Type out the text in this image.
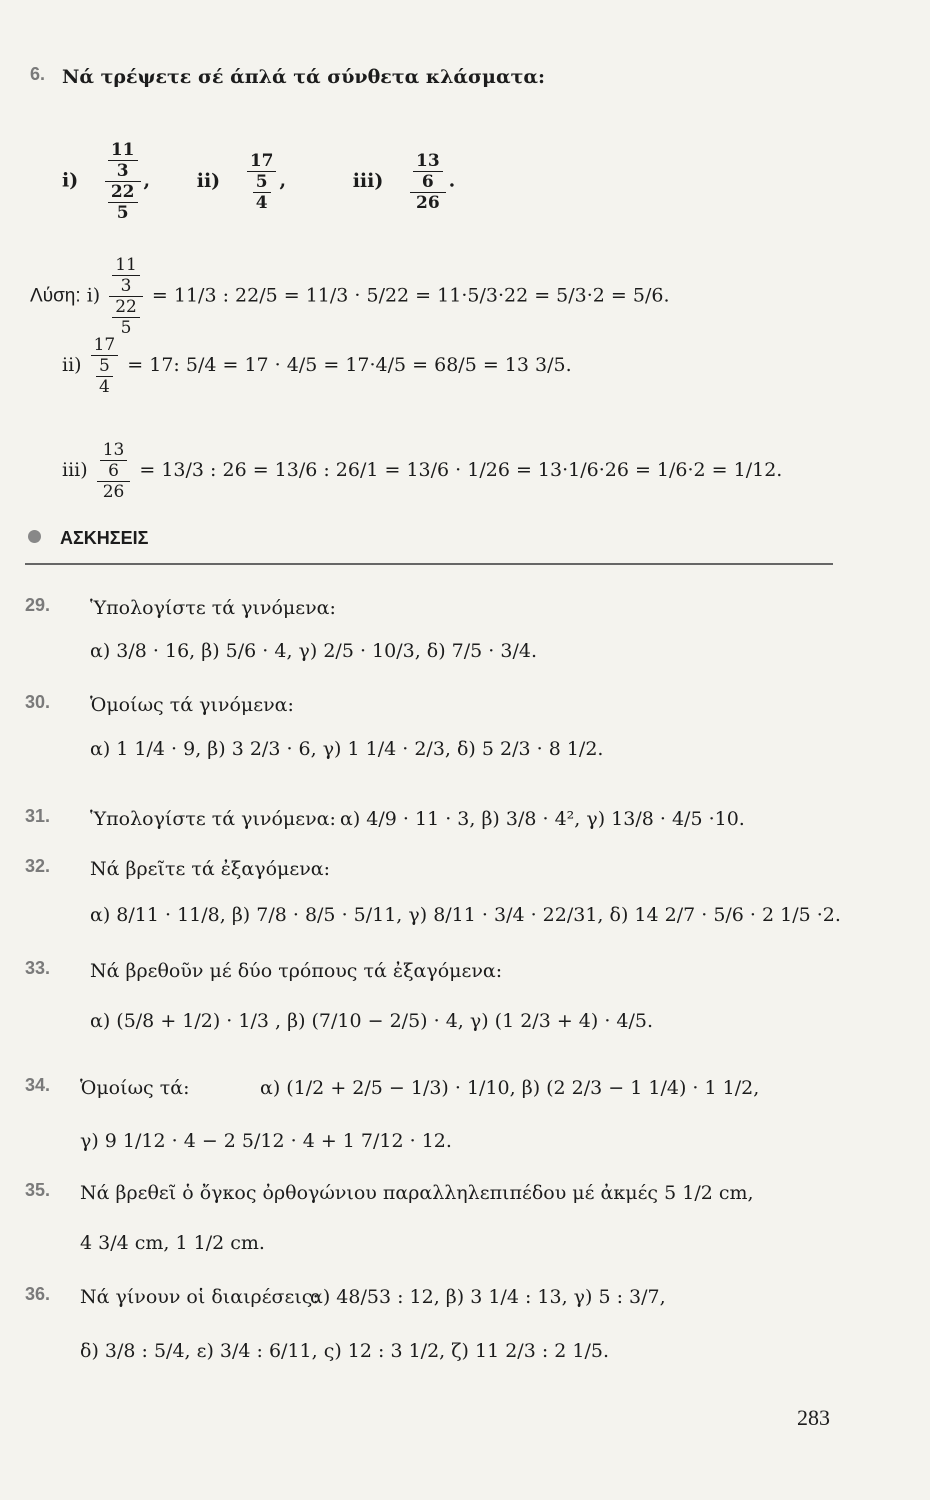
6. Νά τρέψετε σέ άπλά τά σύνθετα κλάσματα:
$i) \frac{\frac{11}{3}}{\frac{22}{5}}$ , $ii) \frac{17}{\frac{5}{4}}$ ,	$iii) \frac{\frac{13}{6}}{26}$ .
Λύση: $i) \frac{\frac{11}{3}}{\frac{22}{5}} = 11/3$ : 22/5 = 11/3 · 5/22 = 11·5/3·22 = 5/3·2 = 5/6.
$ii) \frac{17}{\frac{5}{4}} = 17$: 5/4 = 17 · 4/5 = 17·4/5 = 68/5 = 13 3/5.
$iii) \frac{\frac{13}{6}}{26} = 13/3$ : 26 = 13/6 : 26/1 = 13/6 · 1/26 = 13·1/6·26 = 1/6·2 = 1/12.
ΑΣΚΗΣΕΙΣ
29. Ὑπολογίστε τά γινόμενα:
α) 3/8 · 16, β) 5/6 · 4, γ) 2/5 · 10/3, δ) 7/5 · 3/4.
30. Ὁμοίως τά γινόμενα:
α) 1 1/4 · 9, β) 3 2/3 · 6, γ) 1 1/4 · 2/3, δ) 5 2/3 · 8 1/2.
31. Ὑπολογίστε τά γινόμενα: α) 4/9 · 11 · 3, β) 3/8 · 4², γ) 13/8 · 4/5 ·10.
32. Νά βρεῖτε τά ἐξαγόμενα:
α) 8/11 · 11/8, β) 7/8 · 8/5 · 5/11, γ) 8/11 · 3/4 · 22/31, δ) 14 2/7 · 5/6 · 2 1/5 ·2.
33. Νά βρεθοῦν μέ δύο τρόπους τά ἐξαγόμενα:
α) (5/8 + 1/2) · 1/3 , β) (7/10 − 2/5) · 4, γ) (1 2/3 + 4) · 4/5.
34. Ὁμοίως τά:	α) (1/2 + 2/5 − 1/3) · 1/10, β) (2 2/3 − 1 1/4) · 1 1/2,
γ) 9 1/12 · 4 − 2 5/12 · 4 + 1 7/12 · 12.
35. Νά βρεθεῖ ὁ ὄγκος ὀρθογώνιου παραλληλεπιπέδου μέ ἀκμές 5 1/2 cm,
4 3/4 cm, 1 1/2 cm.
36. Νά γίνουν οἱ διαιρέσεις:
α) 48/53 : 12, β) 3 1/4 : 13, γ) 5 : 3/7,
δ) 3/8 : 5/4, ε) 3/4 : 6/11, ς) 12 : 3 1/2, ζ) 11 2/3 : 2 1/5.
283
